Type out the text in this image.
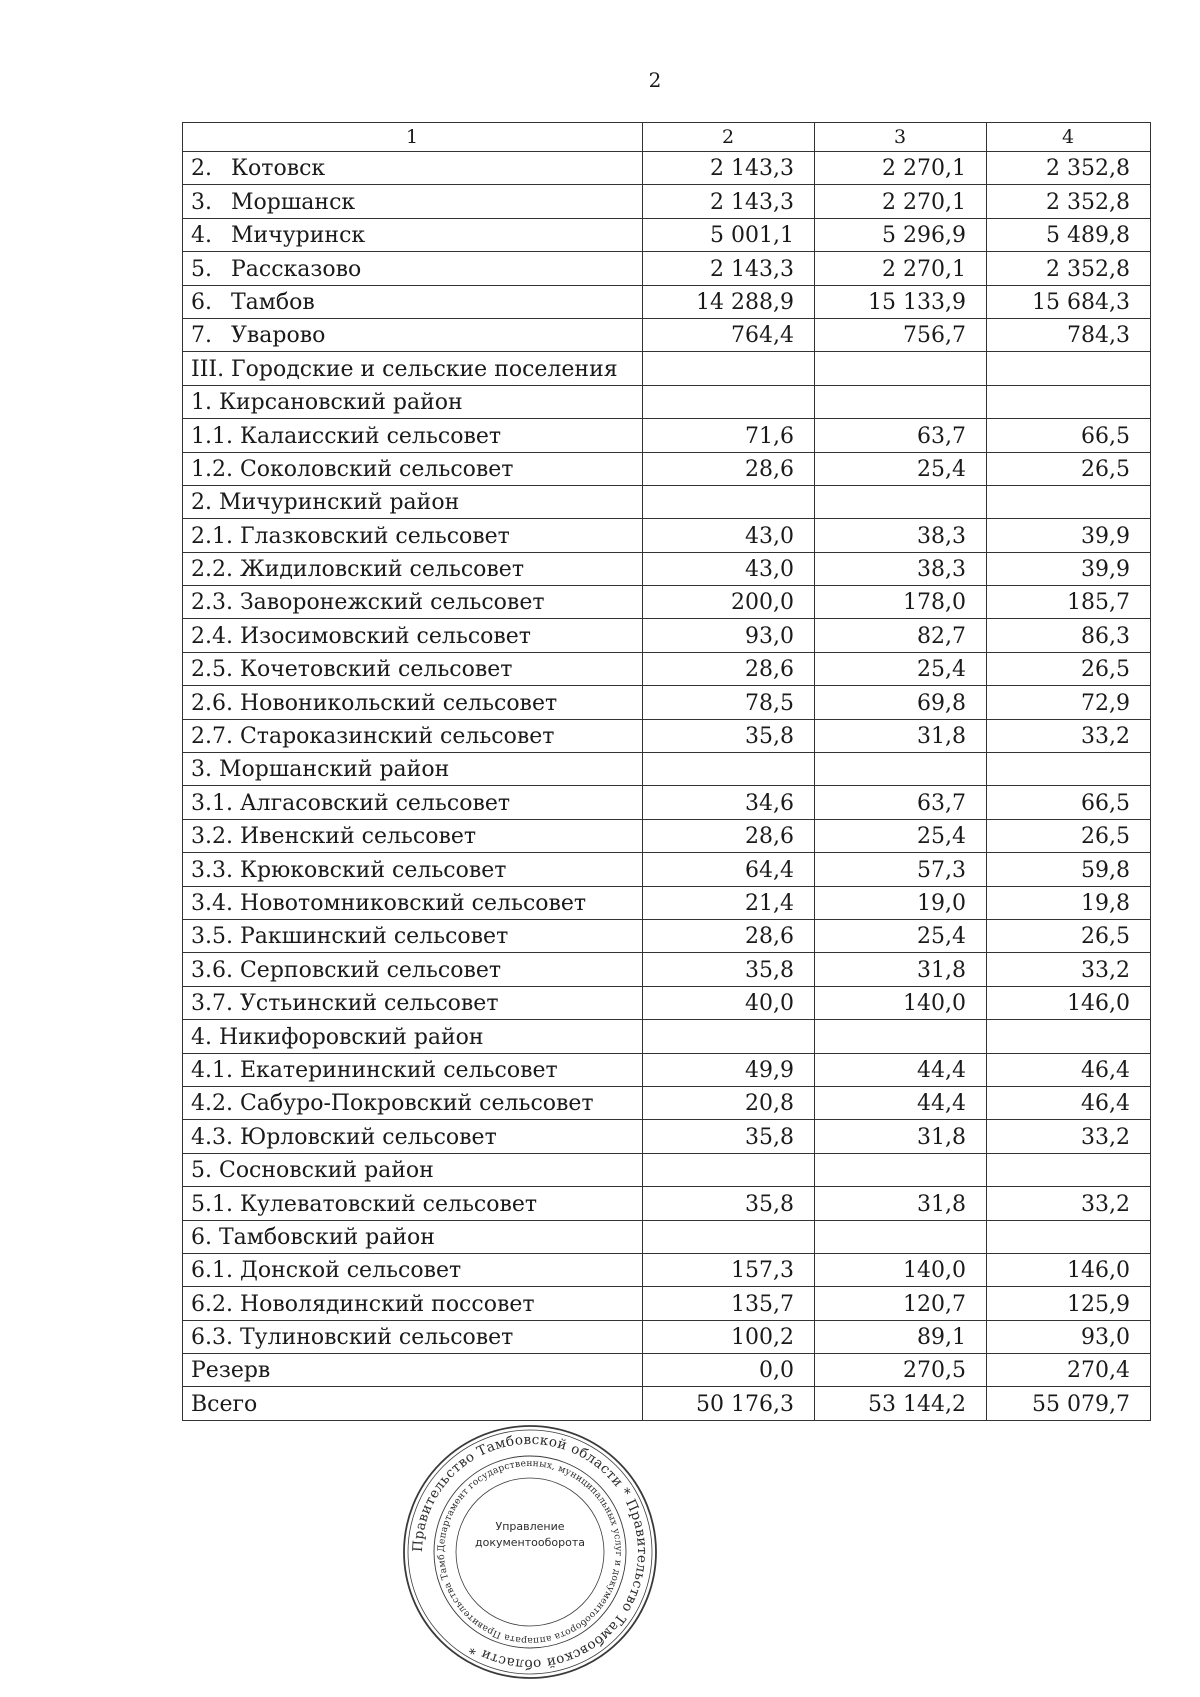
2
1	2	3	4
2. Котовск	2 143,3	2 270,1	2 352,8
3. Моршанск	2 143,3	2 270,1	2 352,8
4. Мичуринск	5 001,1	5 296,9	5 489,8
5. Рассказово	2 143,3	2 270,1	2 352,8
6. Тамбов	14 288,9	15 133,9	15 684,3
7. Уварово	764,4	756,7	784,3
III. Городские и сельские поселения			
1. Кирсановский район			
1.1. Калаисский сельсовет	71,6	63,7	66,5
1.2. Соколовский сельсовет	28,6	25,4	26,5
2. Мичуринский район			
2.1. Глазковский сельсовет	43,0	38,3	39,9
2.2. Жидиловский сельсовет	43,0	38,3	39,9
2.3. Заворонежский сельсовет	200,0	178,0	185,7
2.4. Изосимовский сельсовет	93,0	82,7	86,3
2.5. Кочетовский сельсовет	28,6	25,4	26,5
2.6. Новоникольский сельсовет	78,5	69,8	72,9
2.7. Староказинский сельсовет	35,8	31,8	33,2
3. Моршанский район			
3.1. Алгасовский сельсовет	34,6	63,7	66,5
3.2. Ивенский сельсовет	28,6	25,4	26,5
3.3. Крюковский сельсовет	64,4	57,3	59,8
3.4. Новотомниковский сельсовет	21,4	19,0	19,8
3.5. Ракшинский сельсовет	28,6	25,4	26,5
3.6. Серповский сельсовет	35,8	31,8	33,2
3.7. Устьинский сельсовет	40,0	140,0	146,0
4. Никифоровский район			
4.1. Екатерининский сельсовет	49,9	44,4	46,4
4.2. Сабуро-Покровский сельсовет	20,8	44,4	46,4
4.3. Юрловский сельсовет	35,8	31,8	33,2
5. Сосновский район			
5.1. Кулеватовский сельсовет	35,8	31,8	33,2
6. Тамбовский район			
6.1. Донской сельсовет	157,3	140,0	146,0
6.2. Новолядинский поссовет	135,7	120,7	125,9
6.3. Тулиновский сельсовет	100,2	89,1	93,0
Резерв	0,0	270,5	270,4
Всего	50 176,3	53 144,2	55 079,7
Правительство Тамбовской области * Правительство Тамбовской области *
Департамент государственных, муниципальных услуг и документооборота аппарата Правительства Тамб
Управление
документооборота
